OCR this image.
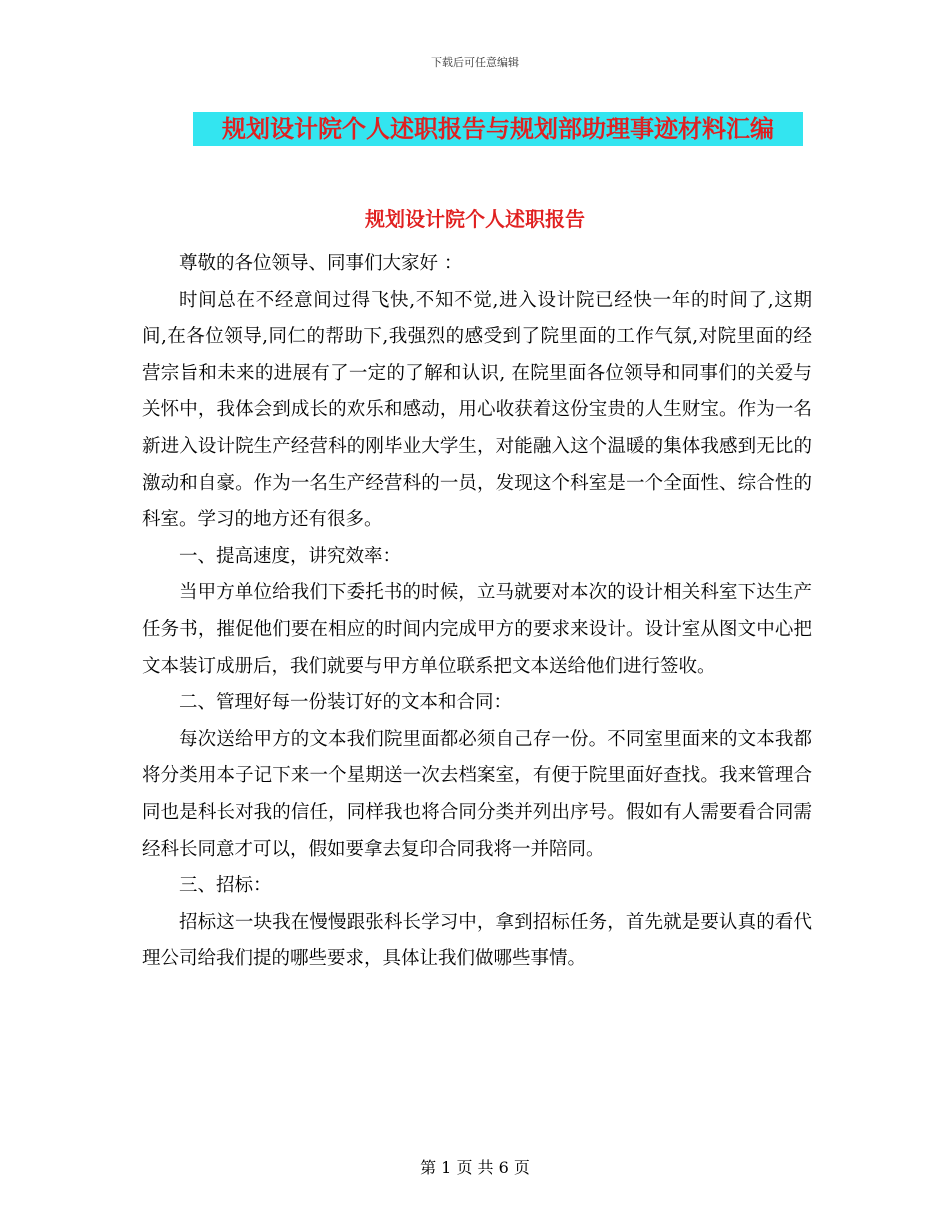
下载后可任意编辑
规划设计院个人述职报告与规划部助理事迹材料汇编
规划设计院个人述职报告

尊敬的各位领导、同事们大家好 ：

时间总在不经意间过得飞快,不知不觉,进入设计院已经快一年的时间了,这期间,在各位领导,同仁的帮助下,我强烈的感受到了院里面的工作气氛,对院里面的经营宗旨和未来的进展有了一定的了解和认识, 在院里面各位领导和同事们的关爱与关怀中，我体会到成长的欢乐和感动，用心收获着这份宝贵的人生财宝。作为一名新进入设计院生产经营科的刚毕业大学生，对能融入这个温暖的集体我感到无比的激动和自豪。作为一名生产经营科的一员，发现这个科室是一个全面性、综合性的科室。学习的地方还有很多。

一、提高速度，讲究效率：

当甲方单位给我们下委托书的时候，立马就要对本次的设计相关科室下达生产任务书，摧促他们要在相应的时间内完成甲方的要求来设计。设计室从图文中心把文本装订成册后，我们就要与甲方单位联系把文本送给他们进行签收。

二、管理好每一份装订好的文本和合同：

每次送给甲方的文本我们院里面都必须自己存一份。不同室里面来的文本我都将分类用本子记下来一个星期送一次去档案室，有便于院里面好查找。我来管理合同也是科长对我的信任，同样我也将合同分类并列出序号。假如有人需要看合同需经科长同意才可以，假如要拿去复印合同我将一并陪同。

三、招标：

招标这一块我在慢慢跟张科长学习中，拿到招标任务，首先就是要认真的看代理公司给我们提的哪些要求，具体让我们做哪些事情。

第 1 页 共 6 页
